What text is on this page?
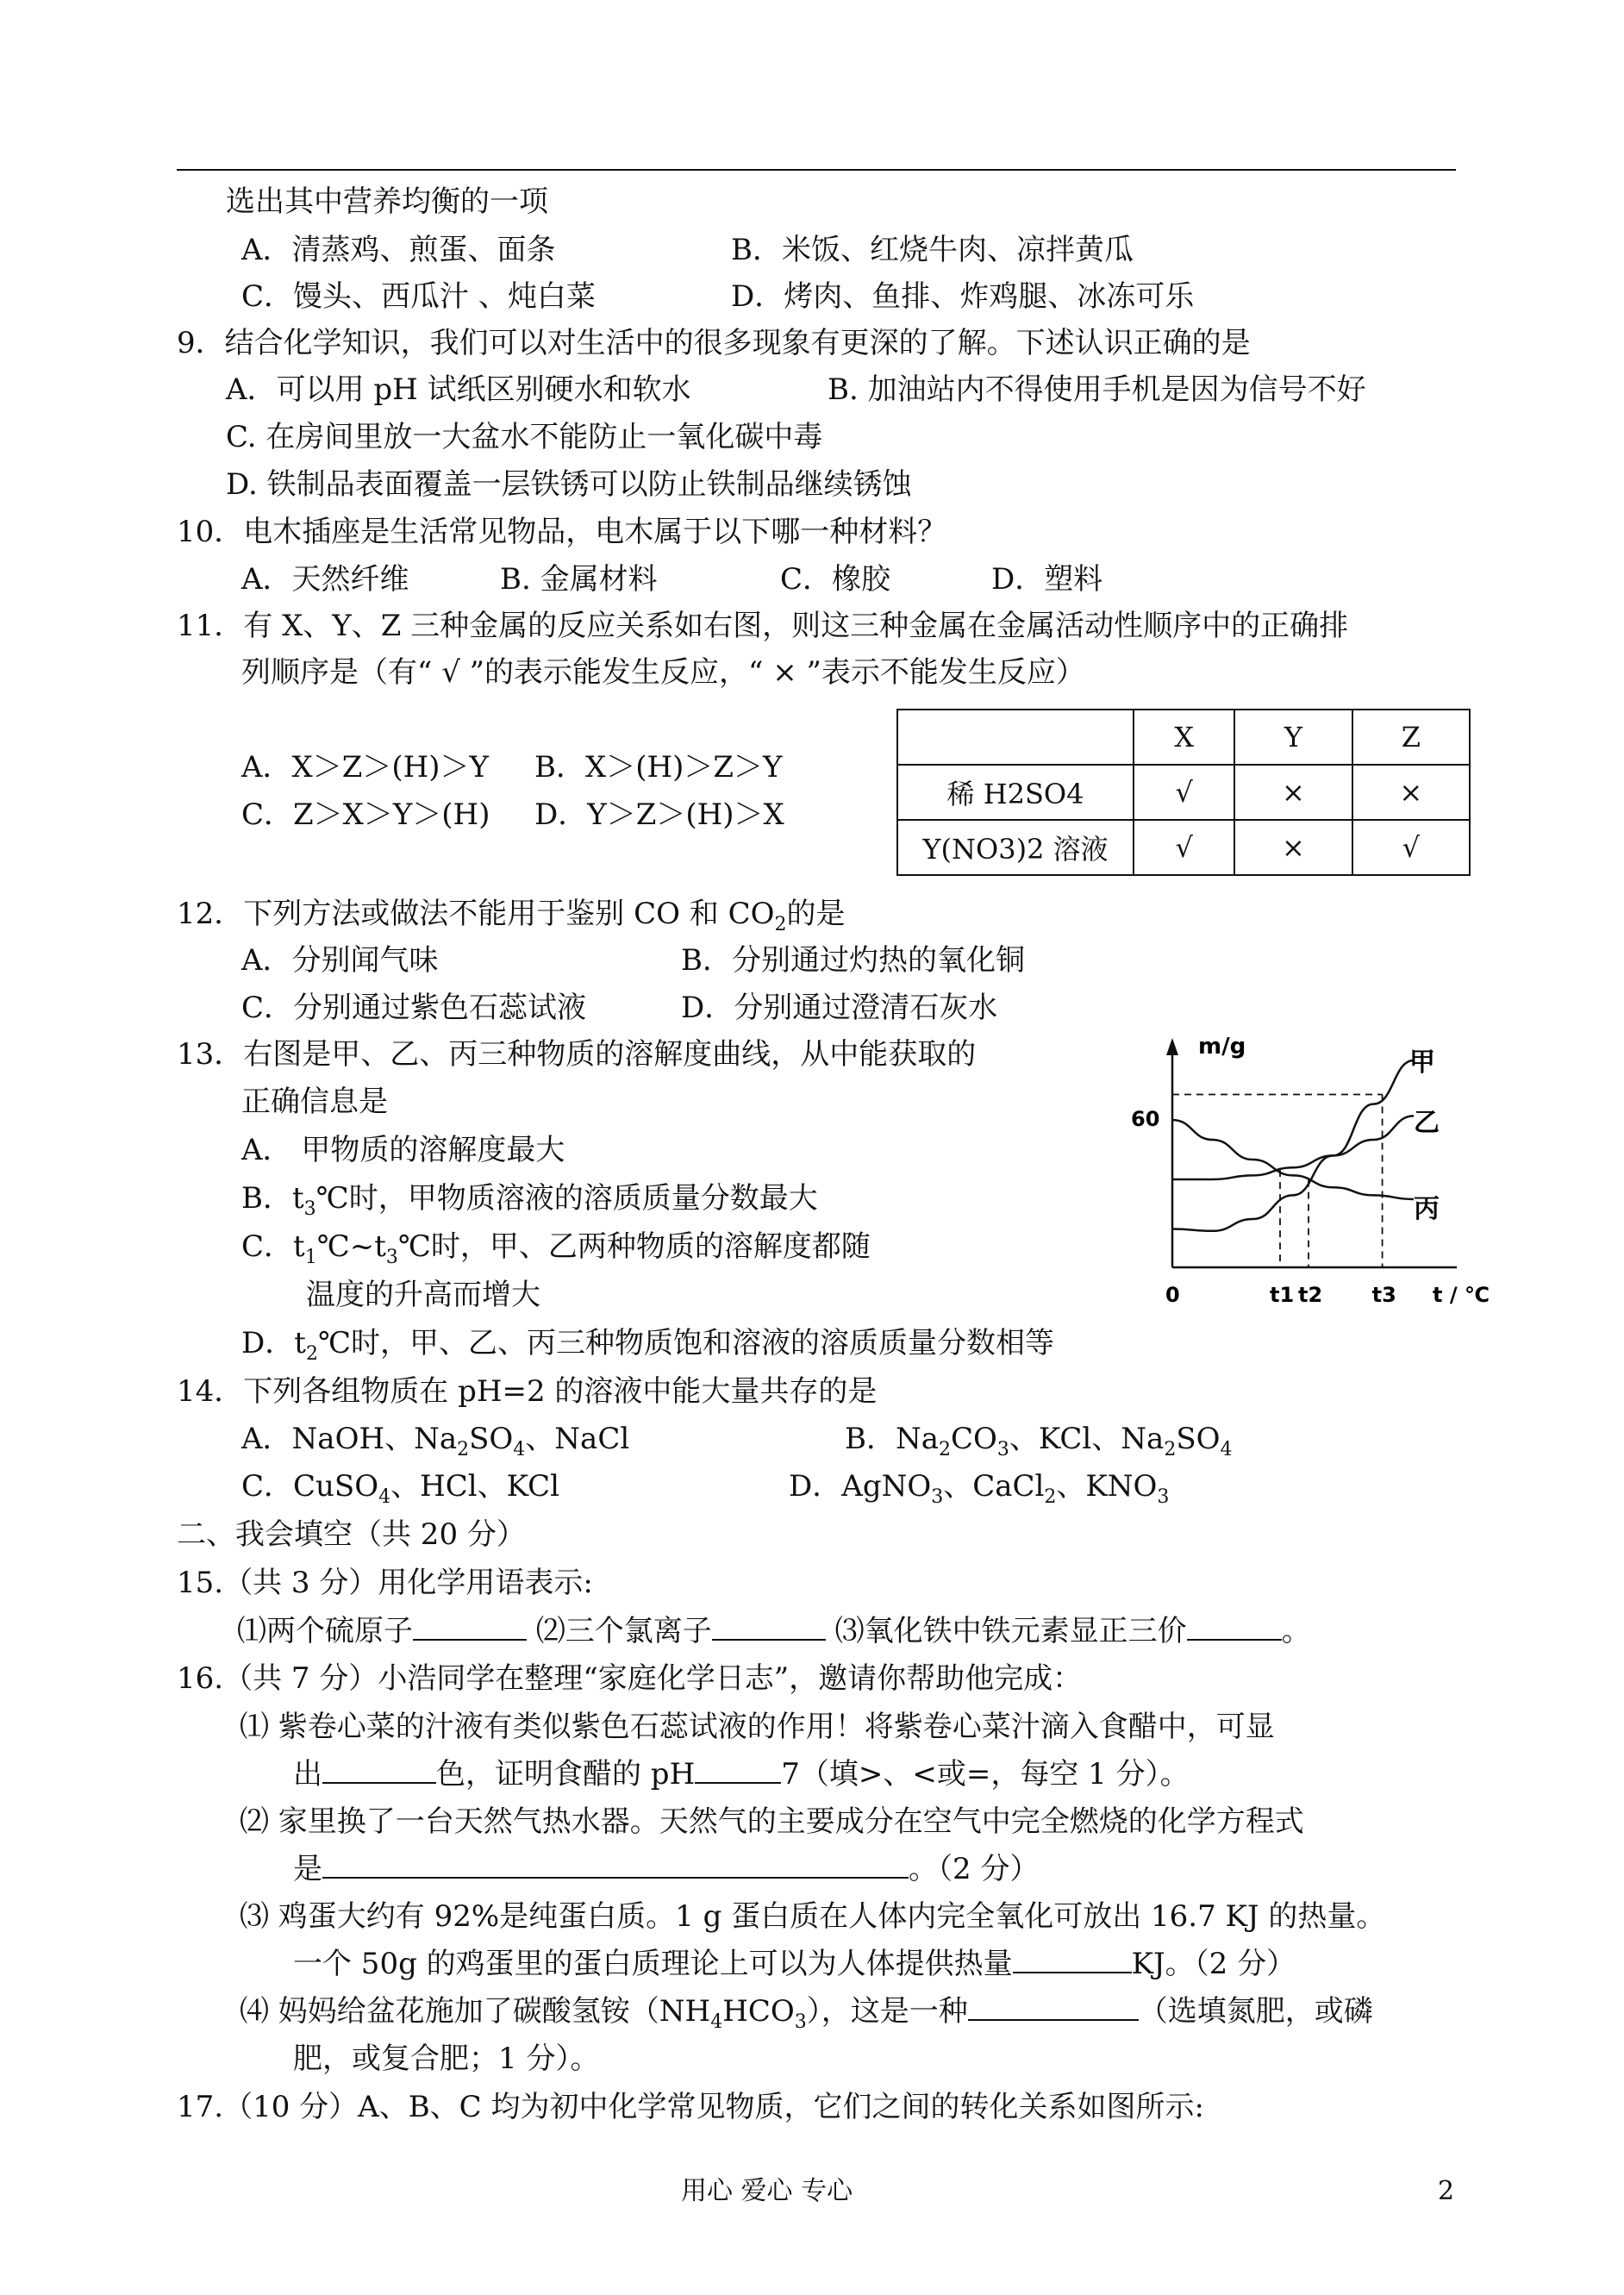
选出其中营养均衡的一项
A．清蒸鸡、煎蛋、面条	B．米饭、红烧牛肉、凉拌黄瓜
C．馒头、西瓜汁 、炖白菜	D．烤肉、鱼排、炸鸡腿、冰冻可乐
9．结合化学知识，我们可以对生活中的很多现象有更深的了解。下述认识正确的是
A．可以用 pH 试纸区别硬水和软水	B. 加油站内不得使用手机是因为信号不好
C. 在房间里放一大盆水不能防止一氧化碳中毒
D. 铁制品表面覆盖一层铁锈可以防止铁制品继续锈蚀
10．电木插座是生活常见物品，电木属于以下哪一种材料？
A．天然纤维	B. 金属材料	C．橡胶	D．塑料
11．有 X、Y、Z 三种金属的反应关系如右图，则这三种金属在金属活动性顺序中的正确排
列顺序是（有“ √ ”的表示能发生反应，“ × ”表示不能发生反应）
A．X＞Z＞(H)＞Y B．X＞(H)＞Z＞Y
C．Z＞X＞Y＞(H) D．Y＞Z＞(H)＞X
	X	Y	Z
稀 H2SO4	√	×	×
Y(NO3)2 溶液	√	×	√
12．下列方法或做法不能用于鉴别 CO 和 $CO_2$的是
A．分别闻气味	B．分别通过灼热的氧化铜
C．分别通过紫色石蕊试液	D．分别通过澄清石灰水
13．右图是甲、乙、丙三种物质的溶解度曲线，从中能获取的
正确信息是
A． 甲物质的溶解度最大
B．$t_3℃$时，甲物质溶液的溶质质量分数最大
C．$t_1℃\sim t_3℃$时，甲、乙两种物质的溶解度都随
温度的升高而增大
D．$t_2℃$时，甲、乙、丙三种物质饱和溶液的溶质质量分数相等
m/g
60
0	t / ℃
t1 t2 t3
甲
乙
丙
14．下列各组物质在 pH=2 的溶液中能大量共存的是
A．NaOH、$Na_2SO_4$、NaCl	B．$Na_2CO_3$、KCl、$Na_2SO_4$
C．CuSO$_4$、HCl、KCl	D．AgNO$_3$、CaCl$_2$、$KNO_3$
二、我会填空（共 20 分）
15.（共 3 分）用化学用语表示:
⑴两个硫原子	⑵三个氯离子	⑶氧化铁中铁元素显正三价	。
16.（共 7 分）小浩同学在整理“家庭化学日志”，邀请你帮助他完成：
⑴ 紫卷心菜的汁液有类似紫色石蕊试液的作用！将紫卷心菜汁滴入食醋中，可显
出	色，证明食醋的 pH	7（填>、<或=，每空 1 分）。
⑵ 家里换了一台天然气热水器。天然气的主要成分在空气中完全燃烧的化学方程式
是	。（2 分）
⑶ 鸡蛋大约有 92%是纯蛋白质。1 g 蛋白质在人体内完全氧化可放出 16.7 KJ 的热量。
一个 50g 的鸡蛋里的蛋白质理论上可以为人体提供热量	KJ。（2 分）
⑷ 妈妈给盆花施加了碳酸氢铵$(NH_4HCO_3)$，这是一种	（选填氮肥，或磷
肥，或复合肥；1 分）。
17.（10 分）A、B、C 均为初中化学常见物质，它们之间的转化关系如图所示:
用心 爱心 专心	2
